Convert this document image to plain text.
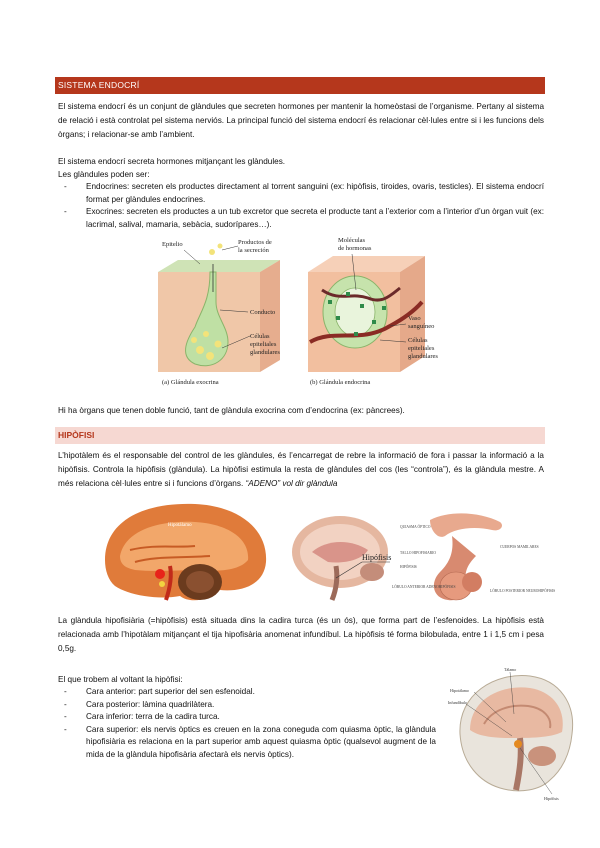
SISTEMA ENDOCRÍ
El sistema endocrí és un conjunt de glàndules que secreten hormones per mantenir la homeòstasi de l’organisme. Pertany al sistema de relació i està controlat pel sistema nerviós. La principal funció del sistema endocrí és relacionar cèl·lules entre si i les funcions dels òrgans; i relacionar-se amb l’ambient.
El sistema endocrí secreta hormones mitjançant les glàndules.
Les glàndules poden ser:
- Endocrines: secreten els productes directament al torrent sanguini (ex: hipòfisis, tiroides, ovaris, testicles). El sistema endocrí format per glàndules endocrines.
- Exocrines: secreten els productes a un tub excretor que secreta el producte tant a l’exterior com a l’interior d’un òrgan vuit (ex: lacrimal, salival, mamaria, sebàcia, sudorípares…).
Epitelio	Productos de
la secreción
Conducto
Células
epiteliales
glandulares
Moléculas
de hormonas
Vaso
sanguíneo
Células
epiteliales
glandulares
(a) Glándula exocrina	(b) Glándula endocrina
Hi ha òrgans que tenen doble funció, tant de glàndula exocrina com d’endocrina (ex: pàncrees).
HIPÒFISI
L’hipotàlem és el responsable del control de les glàndules, és l’encarregat de rebre la informació de fora i passar la informació a la hipòfisis. Controla la hipòfisis (glàndula). La hipòfisi estimula la resta de glàndules del cos (les “controla”), és la glàndula mestre. A més relaciona cèl·lules entre si i funcions d’òrgans. “ADENO” vol dir glàndula
Hipotálamo
Hipófisis
QUIASMA ÓPTICO
CUERPOS MAMILARES
TALLO HIPOFISIARIO
HIPÓFISIS
LÓBULO ANTERIOR ADENOHIPÓFISIS
LÓBULO POSTERIOR NEUROHIPÓFISIS
La glàndula hipofisiària (=hipòfisis) està situada dins la cadira turca (és un ós), que forma part de l’esfenoides. La hipòfisis està relacionada amb l’hipotàlam mitjançant el tija hipofisària anomenat infundíbul. La hipòfisis té forma bilobulada, entre 1 i 1,5 cm i pesa 0,5g.
El que trobem al voltant la hipòfisi:
- Cara anterior: part superior del sen esfenoidal.
- Cara posterior: làmina quadrilàtera.
- Cara inferior: terra de la cadira turca.
- Cara superior: els nervis òptics es creuen en la zona coneguda com quiasma òptic, la glàndula hipofisiària es relaciona en la part superior amb aquest quiasma òptic (qualsevol augment de la mida de la glàndula hipofisària afectarà els nervis òptics).
Tálamo
Hipotálamo
Infundíbulo
Hipófisis
